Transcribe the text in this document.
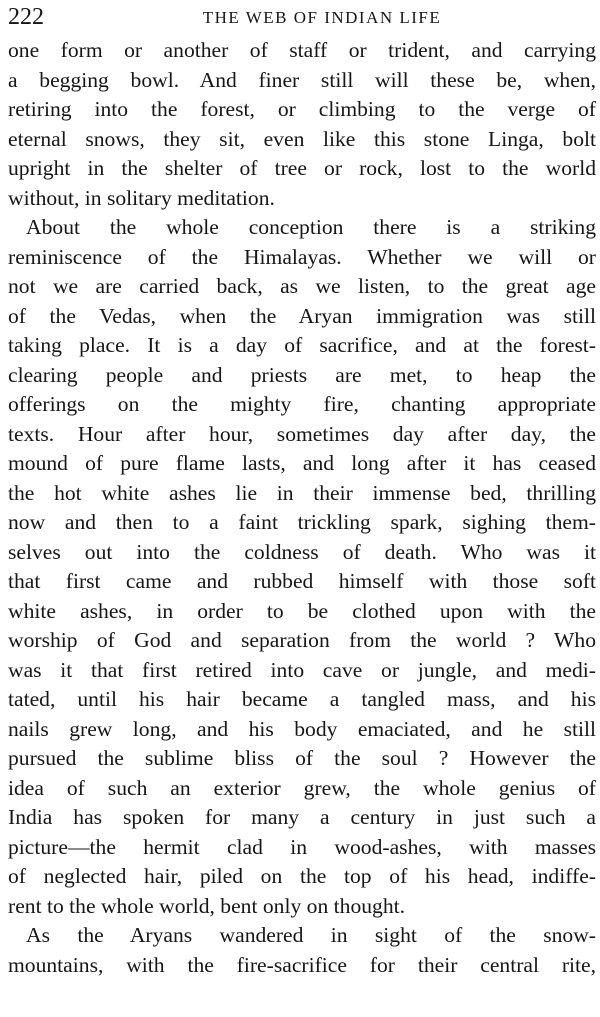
222	THE WEB OF INDIAN LIFE
one form or another of staff or trident, and carrying
a begging bowl. And finer still will these be, when,
retiring into the forest, or climbing to the verge of
eternal snows, they sit, even like this stone Linga, bolt
upright in the shelter of tree or rock, lost to the world
without, in solitary meditation.
About the whole conception there is a striking
reminiscence of the Himalayas. Whether we will or
not we are carried back, as we listen, to the great age
of the Vedas, when the Aryan immigration was still
taking place. It is a day of sacrifice, and at the forest-
clearing people and priests are met, to heap the
offerings on the mighty fire, chanting appropriate
texts. Hour after hour, sometimes day after day, the
mound of pure flame lasts, and long after it has ceased
the hot white ashes lie in their immense bed, thrilling
now and then to a faint trickling spark, sighing them-
selves out into the coldness of death. Who was it
that first came and rubbed himself with those soft
white ashes, in order to be clothed upon with the
worship of God and separation from the world ? Who
was it that first retired into cave or jungle, and medi-
tated, until his hair became a tangled mass, and his
nails grew long, and his body emaciated, and he still
pursued the sublime bliss of the soul ? However the
idea of such an exterior grew, the whole genius of
India has spoken for many a century in just such a
picture—the hermit clad in wood-ashes, with masses
of neglected hair, piled on the top of his head, indiffe-
rent to the whole world, bent only on thought.
As the Aryans wandered in sight of the snow-
mountains, with the fire-sacrifice for their central rite,
